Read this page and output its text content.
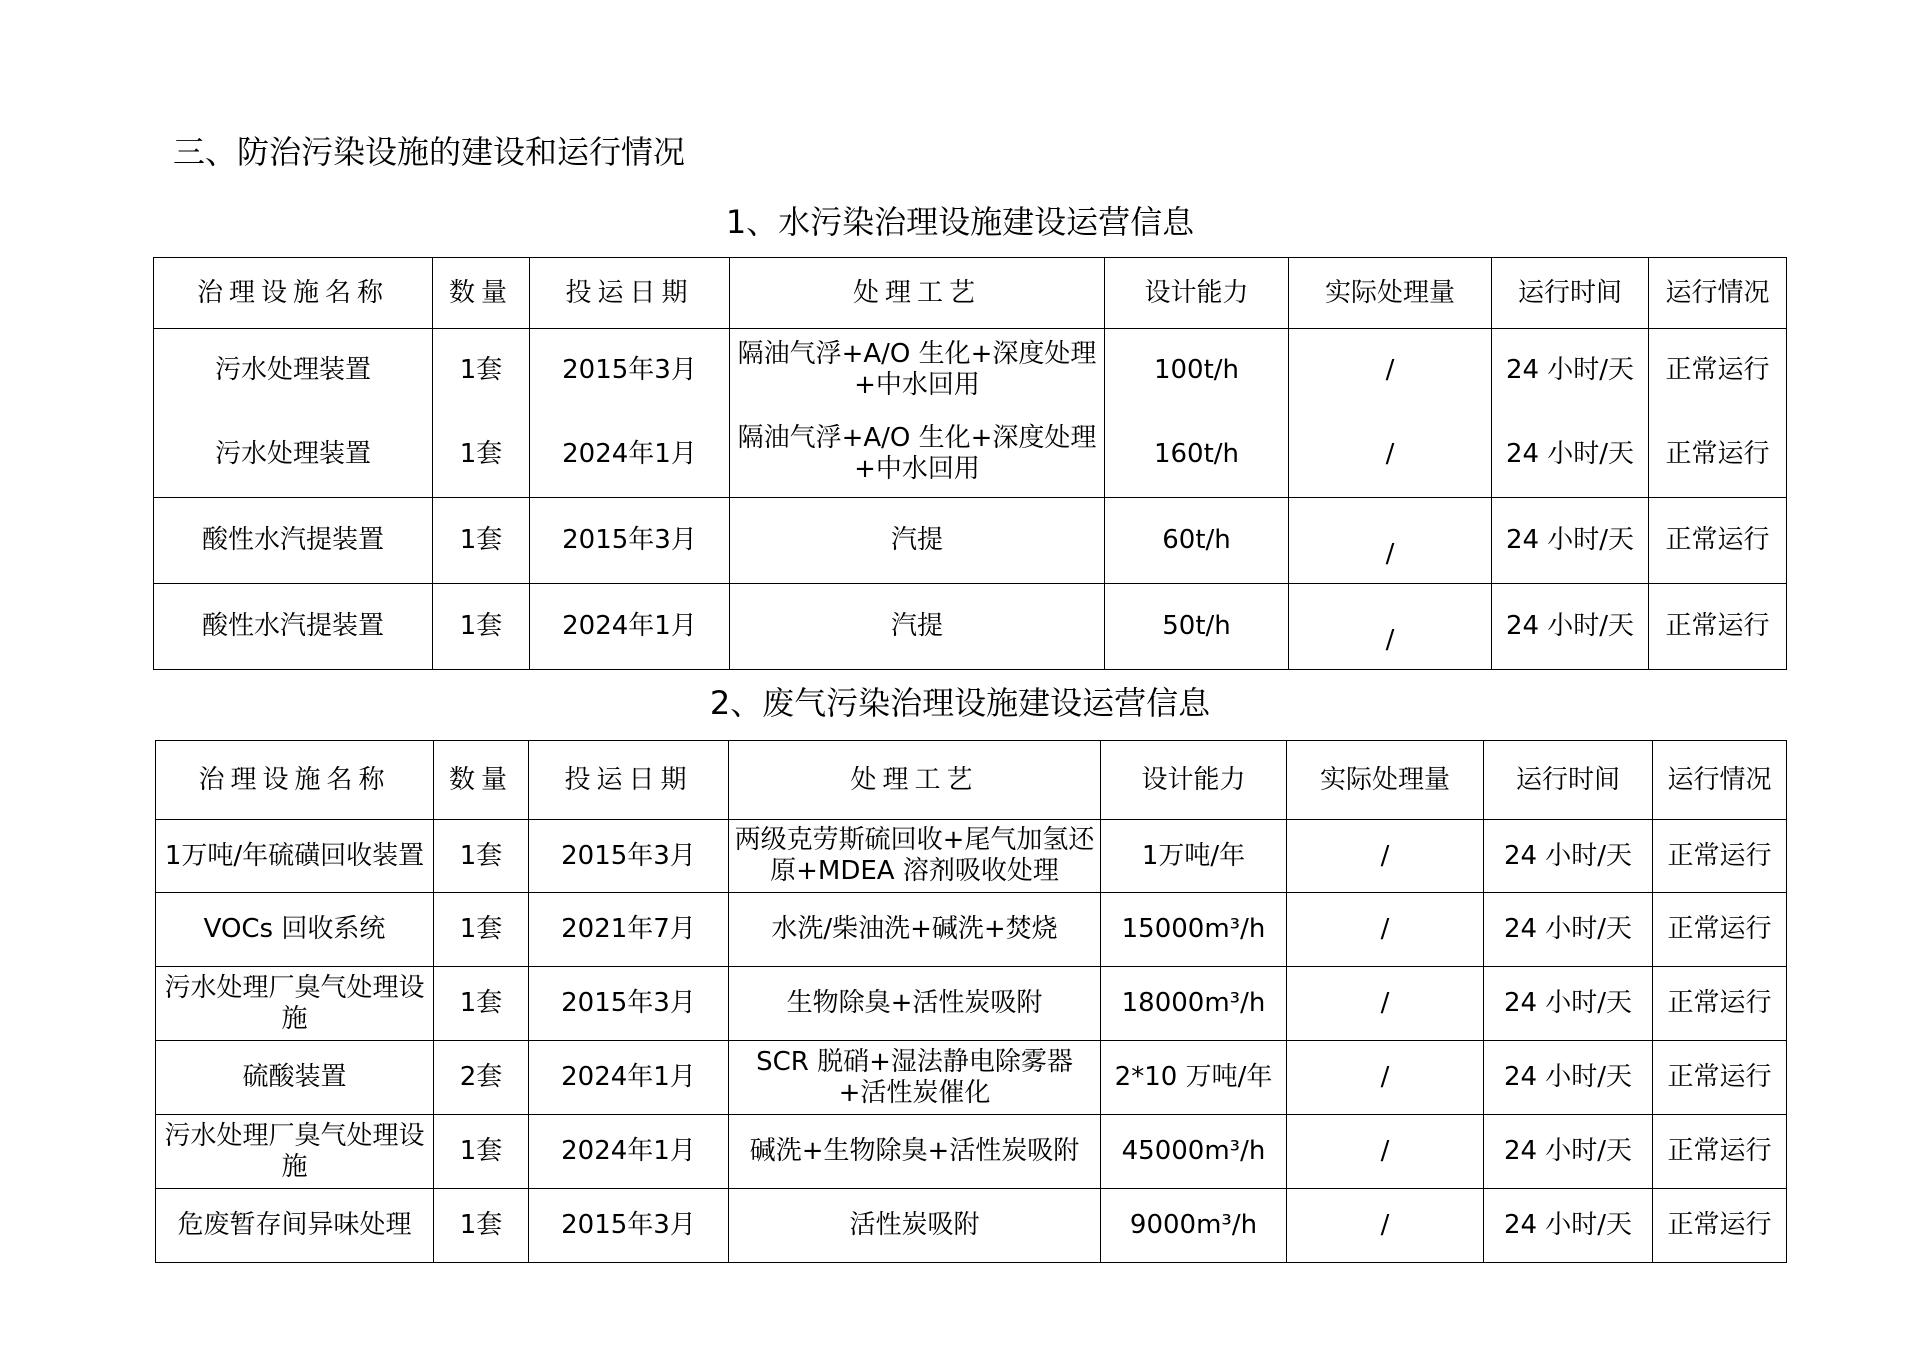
三、防治污染设施的建设和运行情况
1、水污染治理设施建设运营信息
治理设施名称	数量	投运日期	处理工艺	设计能力	实际处理量	运行时间	运行情况
污水处理装置	1套	2015年3月	隔油气浮+A/O 生化+深度处理+中水回用	100t/h	/	24 小时/天	正常运行
污水处理装置	1套	2024年1月	隔油气浮+A/O 生化+深度处理+中水回用	160t/h	/	24 小时/天	正常运行
酸性水汽提装置	1套	2015年3月	汽提	60t/h	/	24 小时/天	正常运行
酸性水汽提装置	1套	2024年1月	汽提	50t/h	/	24 小时/天	正常运行
2、废气污染治理设施建设运营信息
治理设施名称	数量	投运日期	处理工艺	设计能力	实际处理量	运行时间	运行情况
1万吨/年硫磺回收装置	1套	2015年3月	两级克劳斯硫回收+尾气加氢还原+MDEA 溶剂吸收处理	1万吨/年	/	24 小时/天	正常运行
VOCs 回收系统	1套	2021年7月	水洗/柴油洗+碱洗+焚烧	15000m³/h	/	24 小时/天	正常运行
污水处理厂臭气处理设施	1套	2015年3月	生物除臭+活性炭吸附	18000m³/h	/	24 小时/天	正常运行
硫酸装置	2套	2024年1月	SCR 脱硝+湿法静电除雾器+活性炭催化	2*10 万吨/年	/	24 小时/天	正常运行
污水处理厂臭气处理设施	1套	2024年1月	碱洗+生物除臭+活性炭吸附	45000m³/h	/	24 小时/天	正常运行
危废暂存间异味处理	1套	2015年3月	活性炭吸附	9000m³/h	/	24 小时/天	正常运行
